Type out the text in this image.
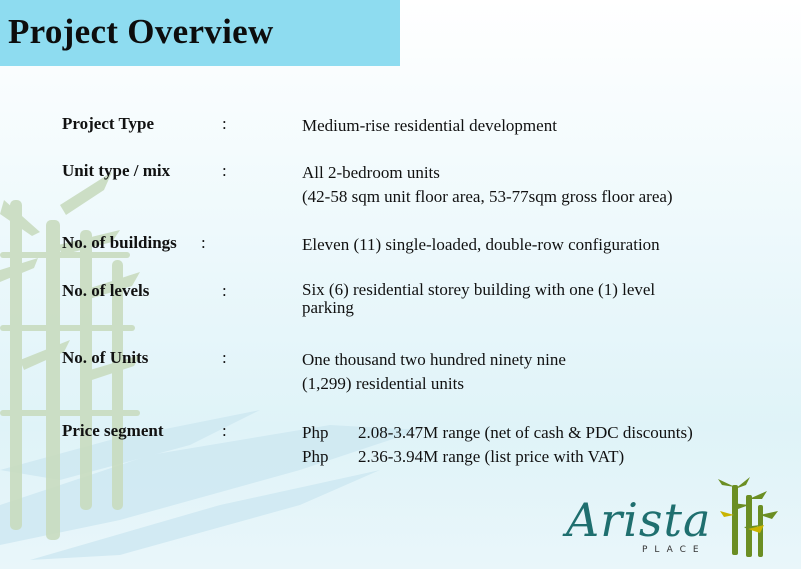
Project Overview
Project Type	:	Medium-rise residential development
Unit type / mix	:	All 2-bedroom units
(42-58 sqm unit floor area, 53-77sqm gross floor area)
No. of buildings :	Eleven (11) single-loaded, double-row configuration
No. of levels	:	Six (6) residential storey building with one (1) level
parking
No. of Units	:	One thousand two hundred ninety nine
(1,299) residential units
Price segment	:	Php 2.08-3.47M range (net of cash & PDC discounts)
Php 2.36-3.94M range (list price with VAT)
Arista
PLACE
